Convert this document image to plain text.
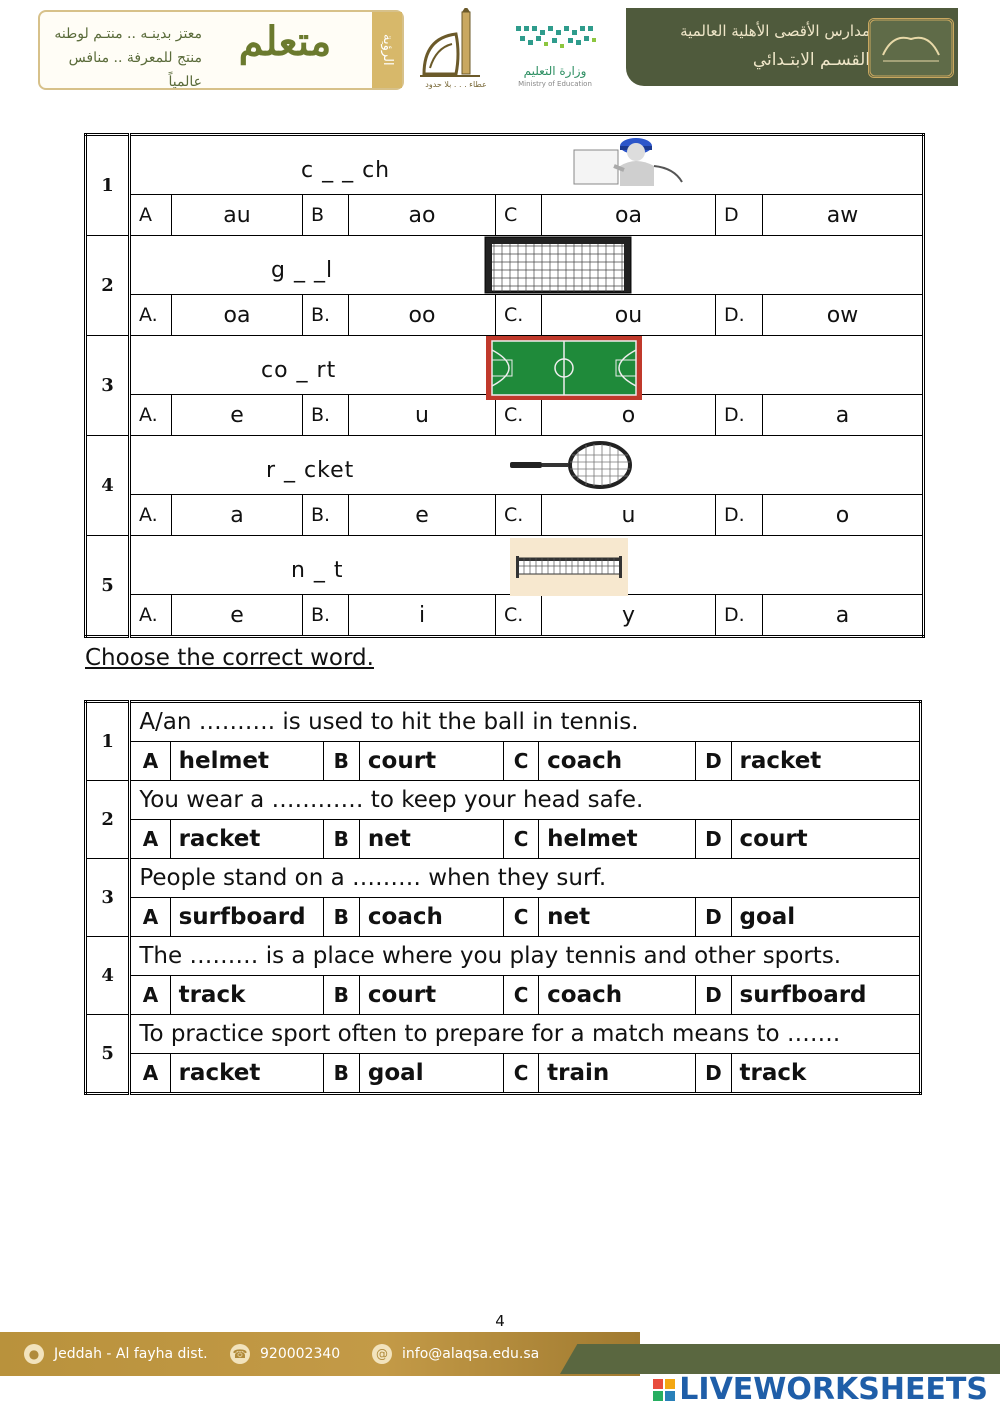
معتز بدينـه .. منتـم لوطنه
منتج للمعرفة .. منافس عالمياً
متعلم	الرؤية
عطاء . . . بلا حدود
وزارة التعليم
Ministry of Education
مدارس الأقصى الأهلية العالمية
القسـم الابتـدائي
1	c _ _ ch							

	A	au	B	ao	C	oa	D	aw
2	g _ _l							

	A.	oa	B.	oo	C.	ou	D.	ow
3	co _ rt							

	A.	e	B.	u	C.	o	D.	a
4	r _ cket							

	A.	a	B.	e	C.	u	D.	o
5	n _ t							

	A.	e	B.	i	C.	y	D.	a
Choose the correct word.
1	A/an ………. is used to hit the ball in tennis.							
	A	helmet	B	court	C	coach	D	racket
2	You wear a ………… to keep your head safe.							
	A	racket	B	net	C	helmet	D	court
3	People stand on a ……… when they surf.							
	A	surfboard	B	coach	C	net	D	goal
4	The ……… is a place where you play tennis and other sports.							
	A	track	B	court	C	coach	D	surfboard
5	To practice sport often to prepare for a match means to …….							
	A	racket	B	goal	C	train	D	track
4
● Jeddah - Al fayha dist. ☎ 920002340	@ info@alaqsa.edu.sa
LIVEWORKSHEETS
